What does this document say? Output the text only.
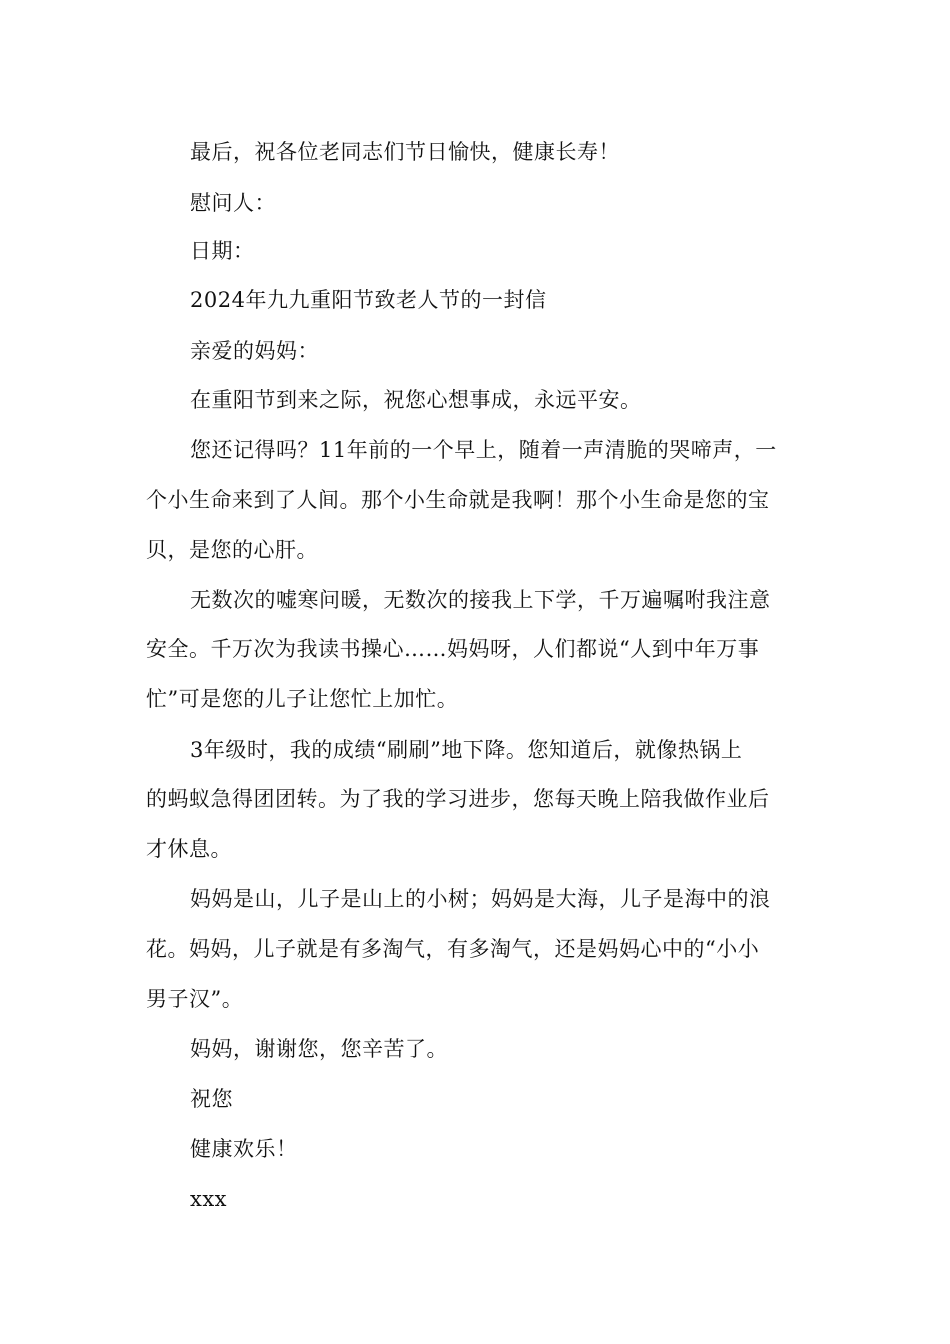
最后，祝各位老同志们节日愉快，健康长寿！
慰问人：
日期：
2024年九九重阳节致老人节的一封信
亲爱的妈妈：
在重阳节到来之际，祝您心想事成，永远平安。
您还记得吗？11年前的一个早上，随着一声清脆的哭啼声，一
个小生命来到了人间。那个小生命就是我啊！那个小生命是您的宝
贝，是您的心肝。
无数次的嘘寒问暖，无数次的接我上下学，千万遍嘱咐我注意
安全。千万次为我读书操心……妈妈呀，人们都说“人到中年万事
忙”可是您的儿子让您忙上加忙。
3年级时，我的成绩“刷刷”地下降。您知道后，就像热锅上
的蚂蚁急得团团转。为了我的学习进步，您每天晚上陪我做作业后
才休息。
妈妈是山，儿子是山上的小树；妈妈是大海，儿子是海中的浪
花。妈妈，儿子就是有多淘气，有多淘气，还是妈妈心中的“小小
男子汉”。
妈妈，谢谢您，您辛苦了。
祝您
健康欢乐！
xxx
